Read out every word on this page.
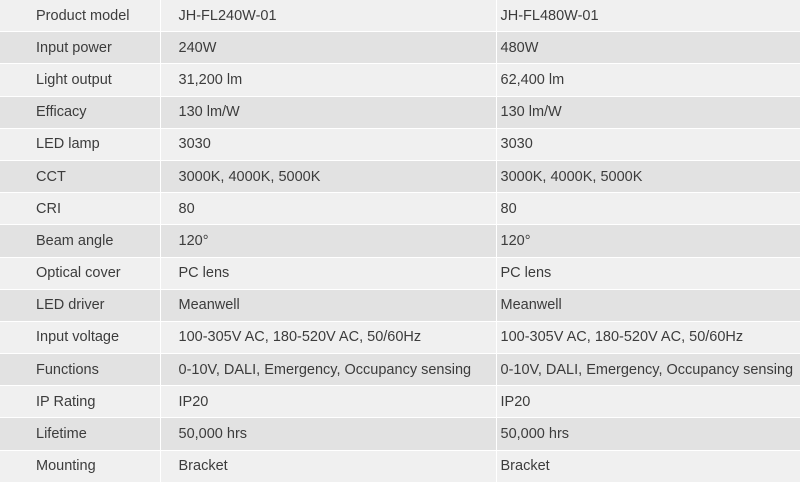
Product model	JH-FL240W-01	JH-FL480W-01
Input power	240W	480W
Light output	31,200 lm	62,400 lm
Efficacy	130 lm/W	130 lm/W
LED lamp	3030	3030
CCT	3000K, 4000K, 5000K	3000K, 4000K, 5000K
CRI	80	80
Beam angle	120°	120°
Optical cover	PC lens	PC lens
LED driver	Meanwell	Meanwell
Input voltage	100-305V AC, 180-520V AC, 50/60Hz	100-305V AC, 180-520V AC, 50/60Hz
Functions	0-10V, DALI, Emergency, Occupancy sensing	0-10V, DALI, Emergency, Occupancy sensing
IP Rating	IP20	IP20
Lifetime	50,000 hrs	50,000 hrs
Mounting	Bracket	Bracket
